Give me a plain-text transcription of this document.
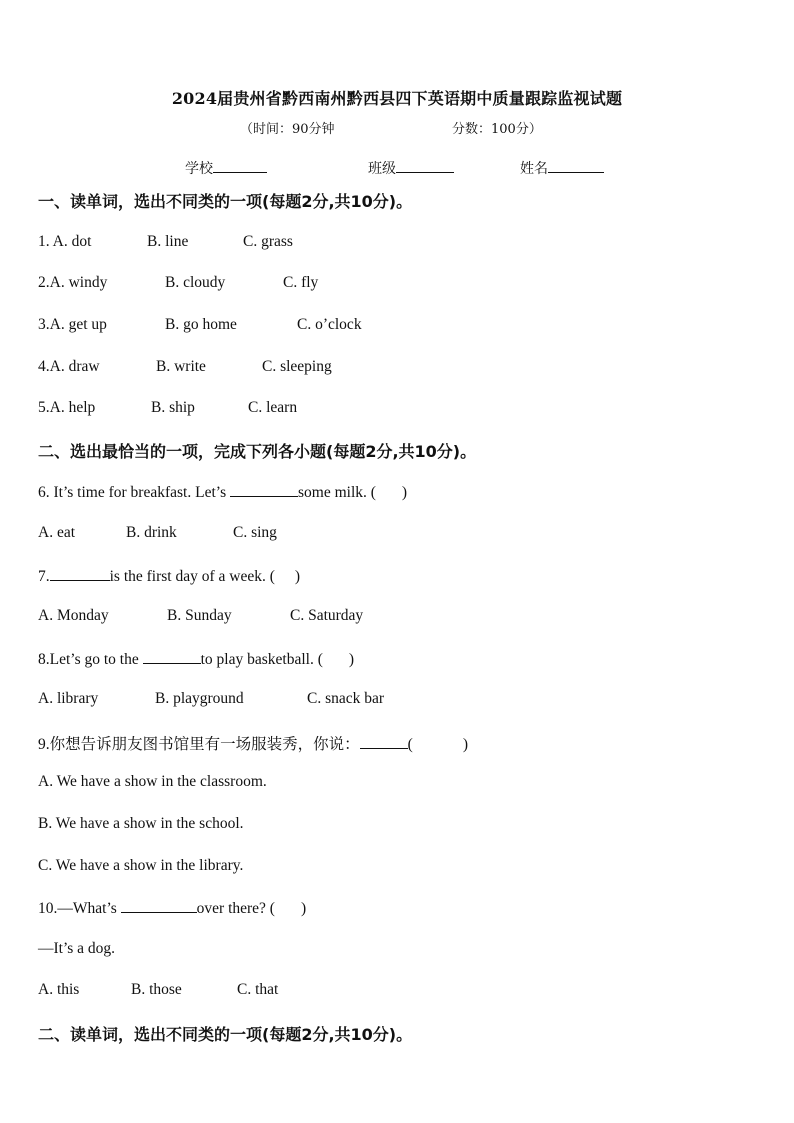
2024届贵州省黔西南州黔西县四下英语期中质量跟踪监视试题
（时间：90分钟	分数：100分）
学校	班级	姓名
一、读单词，选出不同类的一项(每题2分,共10分)。
1. A. dot	B. line	C. grass
2.A. windy	B. cloudy	C. fly
3.A. get up	B. go home	C. o’clock
4.A. draw	B. write	C. sleeping
5.A. help	B. ship	C. learn
二、选出最恰当的一项，完成下列各小题(每题2分,共10分)。
6. It’s time for breakfast. Let’s	some milk. ( )
A. eat	B. drink	C. sing
7.	is the first day of a week. ( )
A. Monday	B. Sunday	C. Saturday
8.Let’s go to the	to play basketball. ( )
A. library	B. playground	C. snack bar
9.你想告诉朋友图书馆里有一场服装秀，你说：	(	)
A. We have a show in the classroom.
B. We have a show in the school.
C. We have a show in the library.
10.—What’s	over there? ( )
—It’s a dog.
A. this	B. those	C. that
二、读单词，选出不同类的一项(每题2分,共10分)。
